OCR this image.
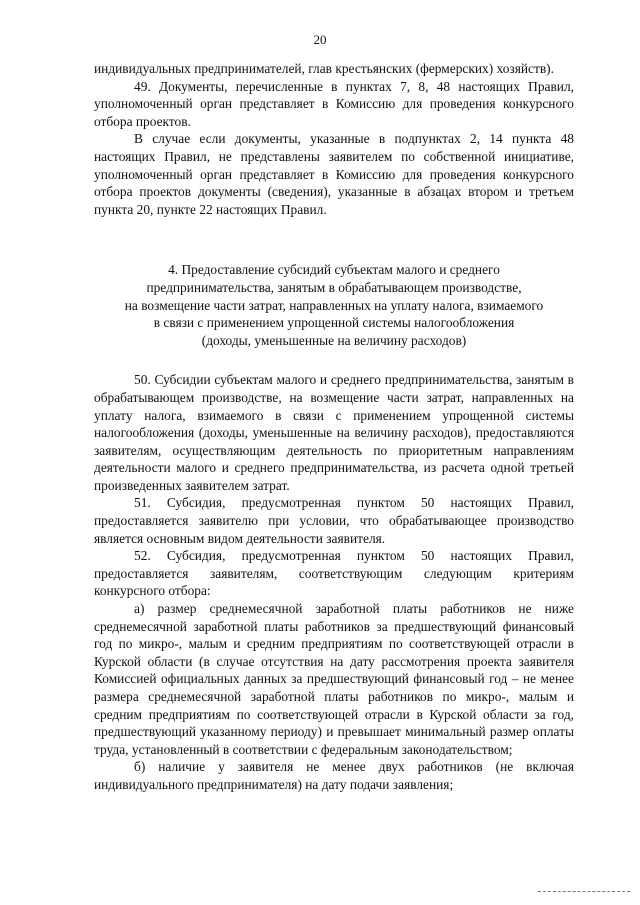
20

индивидуальных предпринимателей, глав крестьянских (фермерских) хозяйств).

49. Документы, перечисленные в пунктах 7, 8, 48 настоящих Правил, уполномоченный орган представляет в Комиссию для проведения конкурсного отбора проектов.

В случае если документы, указанные в подпунктах 2, 14 пункта 48 настоящих Правил, не представлены заявителем по собственной инициативе, уполномоченный орган представляет в Комиссию для проведения конкурсного отбора проектов документы (сведения), указанные в абзацах втором и третьем пункта 20, пункте 22 настоящих Правил.

4. Предоставление субсидий субъектам малого и среднего
предпринимательства, занятым в обрабатывающем производстве,
на возмещение части затрат, направленных на уплату налога, взимаемого
в связи с применением упрощенной системы налогообложения
(доходы, уменьшенные на величину расходов)

50. Субсидии субъектам малого и среднего предпринимательства, занятым в обрабатывающем производстве, на возмещение части затрат, направленных на уплату налога, взимаемого в связи с применением упрощенной системы налогообложения (доходы, уменьшенные на величину расходов), предоставляются заявителям, осуществляющим деятельность по приоритетным направлениям деятельности малого и среднего предпринимательства, из расчета одной третьей произведенных заявителем затрат.

51. Субсидия, предусмотренная пунктом 50 настоящих Правил, предоставляется заявителю при условии, что обрабатывающее производство является основным видом деятельности заявителя.

52. Субсидия, предусмотренная пунктом 50 настоящих Правил, предоставляется заявителям, соответствующим следующим критериям конкурсного отбора:

а) размер среднемесячной заработной платы работников не ниже среднемесячной заработной платы работников за предшествующий финансовый год по микро-, малым и средним предприятиям по соответствующей отрасли в Курской области (в случае отсутствия на дату рассмотрения проекта заявителя Комиссией официальных данных за предшествующий финансовый год – не менее размера среднемесячной заработной платы работников по микро-, малым и средним предприятиям по соответствующей отрасли в Курской области за год, предшествующий указанному периоду) и превышает минимальный размер оплаты труда, установленный в соответствии с федеральным законодательством;

б) наличие у заявителя не менее двух работников (не включая индивидуального предпринимателя) на дату подачи заявления;
